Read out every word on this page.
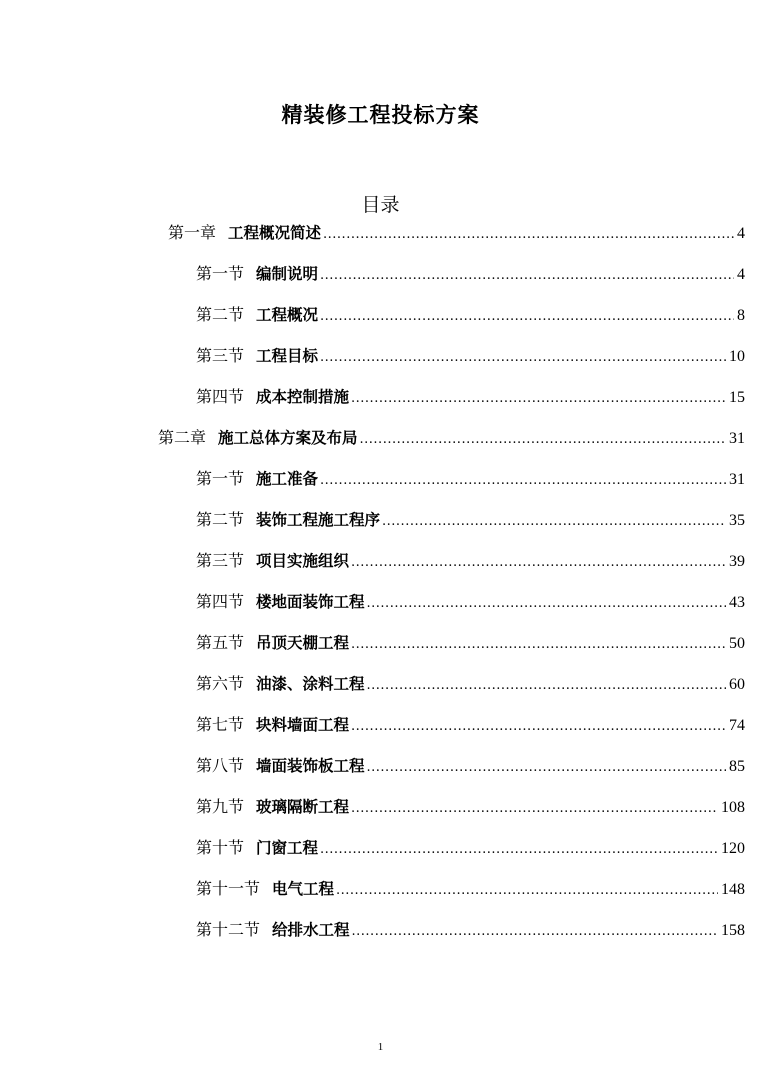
精装修工程投标方案
目录
第一章 工程概况简述 .....	4
第一节 编制说明 .....	4
第二节 工程概况 .....	8
第三节 工程目标 .....	10
第四节 成本控制措施 .....	15
第二章 施工总体方案及布局 .....	31
第一节 施工准备 .....	31
第二节 装饰工程施工程序 .....	35
第三节 项目实施组织 .....	39
第四节 楼地面装饰工程 .....	43
第五节 吊顶天棚工程 .....	50
第六节 油漆、涂料工程 .....	60
第七节 块料墙面工程 .....	74
第八节 墙面装饰板工程 .....	85
第九节 玻璃隔断工程 .....	108
第十节 门窗工程 .....	120
第十一节 电气工程 .....	148
第十二节 给排水工程 .....	158
1
